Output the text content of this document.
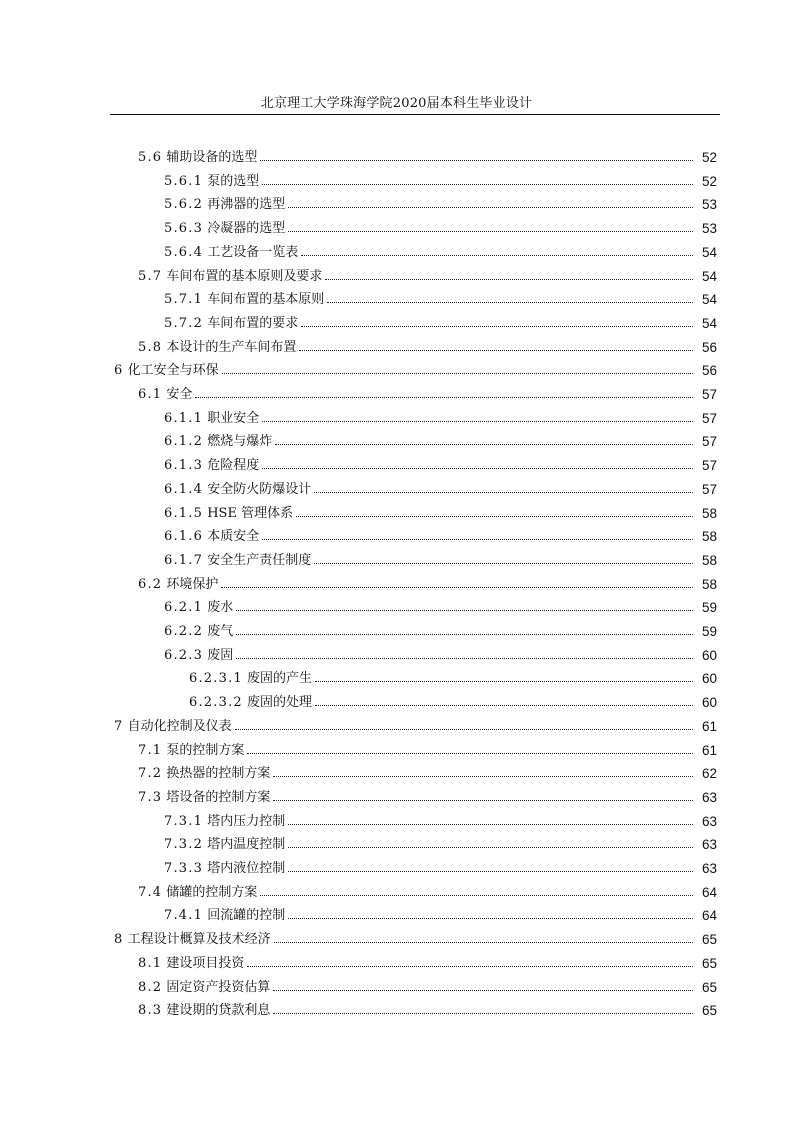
北京理工大学珠海学院2020届本科生毕业设计
5.6 辅助设备的选型	52
5.6.1 泵的选型	52
5.6.2 再沸器的选型	53
5.6.3 冷凝器的选型	53
5.6.4 工艺设备一览表	54
5.7 车间布置的基本原则及要求	54
5.7.1 车间布置的基本原则	54
5.7.2 车间布置的要求	54
5.8 本设计的生产车间布置	56
6 化工安全与环保	56
6.1 安全	57
6.1.1 职业安全	57
6.1.2 燃烧与爆炸	57
6.1.3 危险程度	57
6.1.4 安全防火防爆设计	57
6.1.5 HSE 管理体系	58
6.1.6 本质安全	58
6.1.7 安全生产责任制度	58
6.2 环境保护	58
6.2.1 废水	59
6.2.2 废气	59
6.2.3 废固	60
6.2.3.1 废固的产生	60
6.2.3.2 废固的处理	60
7 自动化控制及仪表	61
7.1 泵的控制方案	61
7.2 换热器的控制方案	62
7.3 塔设备的控制方案	63
7.3.1 塔内压力控制	63
7.3.2 塔内温度控制	63
7.3.3 塔内液位控制	63
7.4 储罐的控制方案	64
7.4.1 回流罐的控制	64
8 工程设计概算及技术经济	65
8.1 建设项目投资	65
8.2 固定资产投资估算	65
8.3 建设期的贷款利息	65
